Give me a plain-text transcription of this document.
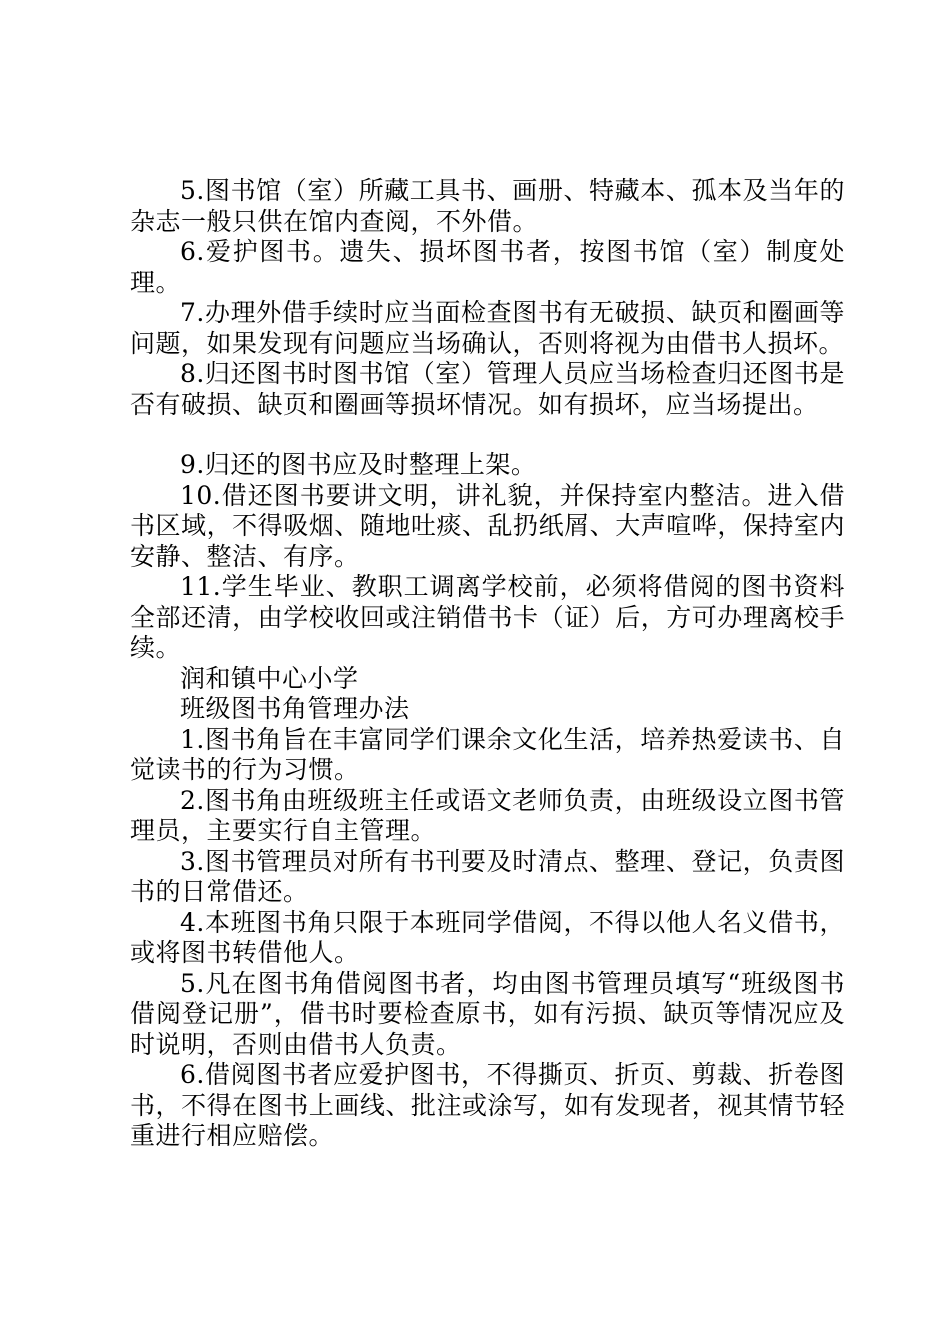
5.图书馆（室）所藏工具书、画册、特藏本、孤本及当年的杂志一般只供在馆内查阅，不外借。

6.爱护图书。遗失、损坏图书者，按图书馆（室）制度处理。

7.办理外借手续时应当面检查图书有无破损、缺页和圈画等问题，如果发现有问题应当场确认，否则将视为由借书人损坏。

8.归还图书时图书馆（室）管理人员应当场检查归还图书是否有破损、缺页和圈画等损坏情况。如有损坏，应当场提出。

9.归还的图书应及时整理上架。

10.借还图书要讲文明，讲礼貌，并保持室内整洁。进入借书区域，不得吸烟、随地吐痰、乱扔纸屑、大声喧哗，保持室内安静、整洁、有序。

11.学生毕业、教职工调离学校前，必须将借阅的图书资料全部还清，由学校收回或注销借书卡（证）后，方可办理离校手续。

润和镇中心小学

班级图书角管理办法

1.图书角旨在丰富同学们课余文化生活，培养热爱读书、自觉读书的行为习惯。

2.图书角由班级班主任或语文老师负责，由班级设立图书管理员，主要实行自主管理。

3.图书管理员对所有书刊要及时清点、整理、登记，负责图书的日常借还。

4.本班图书角只限于本班同学借阅，不得以他人名义借书，或将图书转借他人。

5.凡在图书角借阅图书者，均由图书管理员填写“班级图书借阅登记册”，借书时要检查原书，如有污损、缺页等情况应及时说明，否则由借书人负责。

6.借阅图书者应爱护图书，不得撕页、折页、剪裁、折卷图书，不得在图书上画线、批注或涂写，如有发现者，视其情节轻重进行相应赔偿。
